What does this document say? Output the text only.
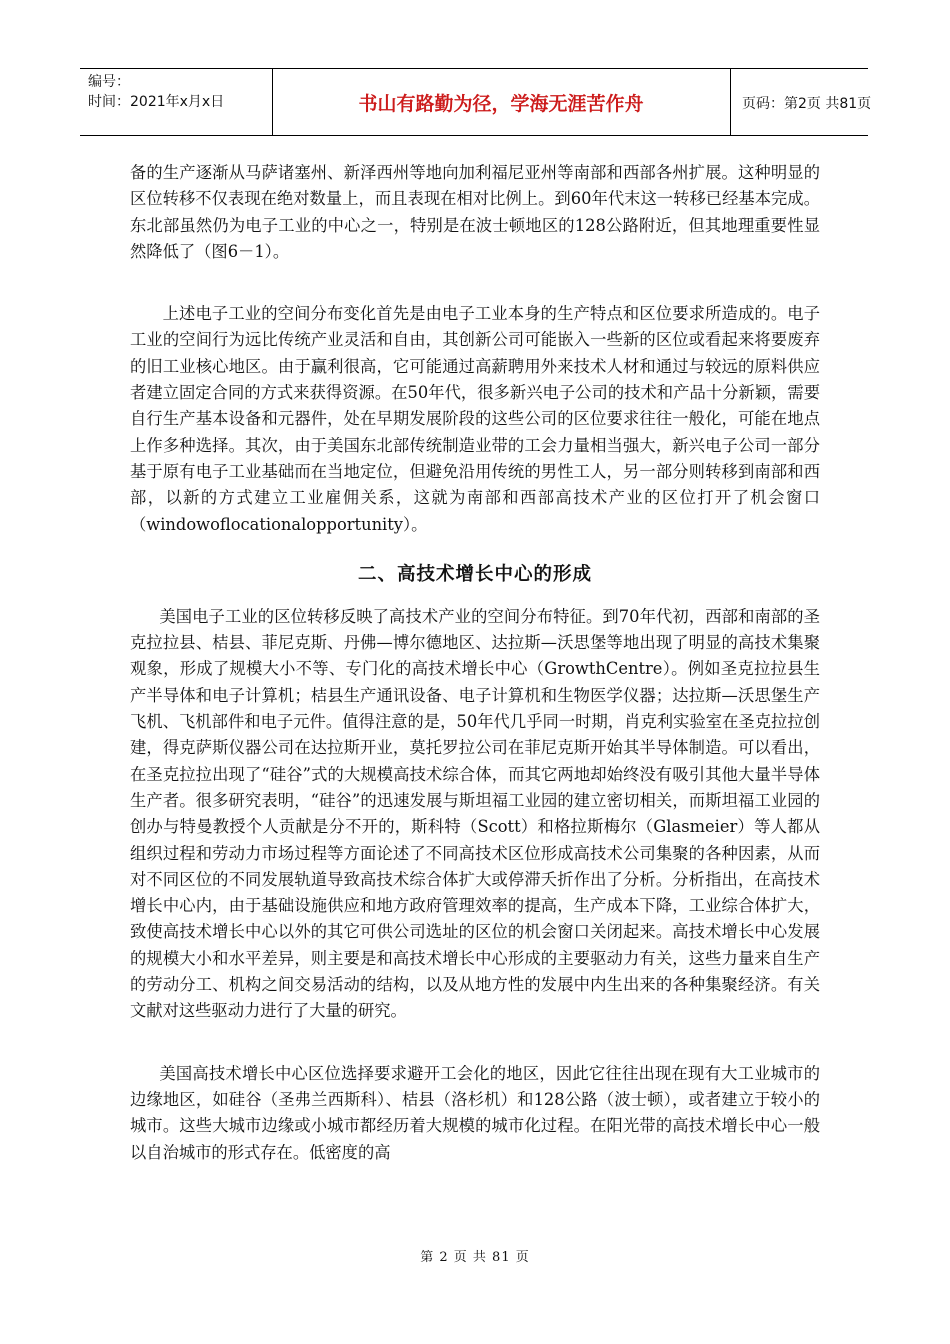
编号：
时间：2021年x月x日	书山有路勤为径，学海无涯苦作舟	页码：第2页 共81页

备的生产逐渐从马萨诸塞州、新泽西州等地向加利福尼亚州等南部和西部各州扩展。这种明显的区位转移不仅表现在绝对数量上，而且表现在相对比例上。到60年代末这一转移已经基本完成。东北部虽然仍为电子工业的中心之一，特别是在波士顿地区的128公路附近，但其地理重要性显然降低了（图6－1）。

上述电子工业的空间分布变化首先是由电子工业本身的生产特点和区位要求所造成的。电子工业的空间行为远比传统产业灵活和自由，其创新公司可能嵌入一些新的区位或看起来将要废弃的旧工业核心地区。由于赢利很高，它可能通过高薪聘用外来技术人材和通过与较远的原料供应者建立固定合同的方式来获得资源。在50年代，很多新兴电子公司的技术和产品十分新颖，需要自行生产基本设备和元器件，处在早期发展阶段的这些公司的区位要求往往一般化，可能在地点上作多种选择。其次，由于美国东北部传统制造业带的工会力量相当强大，新兴电子公司一部分基于原有电子工业基础而在当地定位，但避免沿用传统的男性工人，另一部分则转移到南部和西部，以新的方式建立工业雇佣关系，这就为南部和西部高技术产业的区位打开了机会窗口（windowoflocationalopportunity）。

二、高技术增长中心的形成

美国电子工业的区位转移反映了高技术产业的空间分布特征。到70年代初，西部和南部的圣克拉拉县、桔县、菲尼克斯、丹佛—博尔德地区、达拉斯—沃思堡等地出现了明显的高技术集聚观象，形成了规模大小不等、专门化的高技术增长中心（GrowthCentre）。例如圣克拉拉县生产半导体和电子计算机；桔县生产通讯设备、电子计算机和生物医学仪器；达拉斯—沃思堡生产飞机、飞机部件和电子元件。值得注意的是，50年代几乎同一时期，肖克利实验室在圣克拉拉创建，得克萨斯仪器公司在达拉斯开业，莫托罗拉公司在菲尼克斯开始其半导体制造。可以看出，在圣克拉拉出现了“硅谷”式的大规模高技术综合体，而其它两地却始终没有吸引其他大量半导体生产者。很多研究表明，“硅谷”的迅速发展与斯坦福工业园的建立密切相关，而斯坦福工业园的创办与特曼教授个人贡献是分不开的，斯科特（Scott）和格拉斯梅尔（Glasmeier）等人都从组织过程和劳动力市场过程等方面论述了不同高技术区位形成高技术公司集聚的各种因素，从而对不同区位的不同发展轨道导致高技术综合体扩大或停滞夭折作出了分析。分析指出，在高技术增长中心内，由于基础设施供应和地方政府管理效率的提高，生产成本下降，工业综合体扩大，致使高技术增长中心以外的其它可供公司选址的区位的机会窗口关闭起来。高技术增长中心发展的规模大小和水平差异，则主要是和高技术增长中心形成的主要驱动力有关，这些力量来自生产的劳动分工、机构之间交易活动的结构，以及从地方性的发展中内生出来的各种集聚经济。有关文献对这些驱动力进行了大量的研究。

美国高技术增长中心区位选择要求避开工会化的地区，因此它往往出现在现有大工业城市的边缘地区，如硅谷（圣弗兰西斯科）、桔县（洛杉机）和128公路（波士顿），或者建立于较小的城市。这些大城市边缘或小城市都经历着大规模的城市化过程。在阳光带的高技术增长中心一般以自治城市的形式存在。低密度的高

第 2 页 共 81 页
